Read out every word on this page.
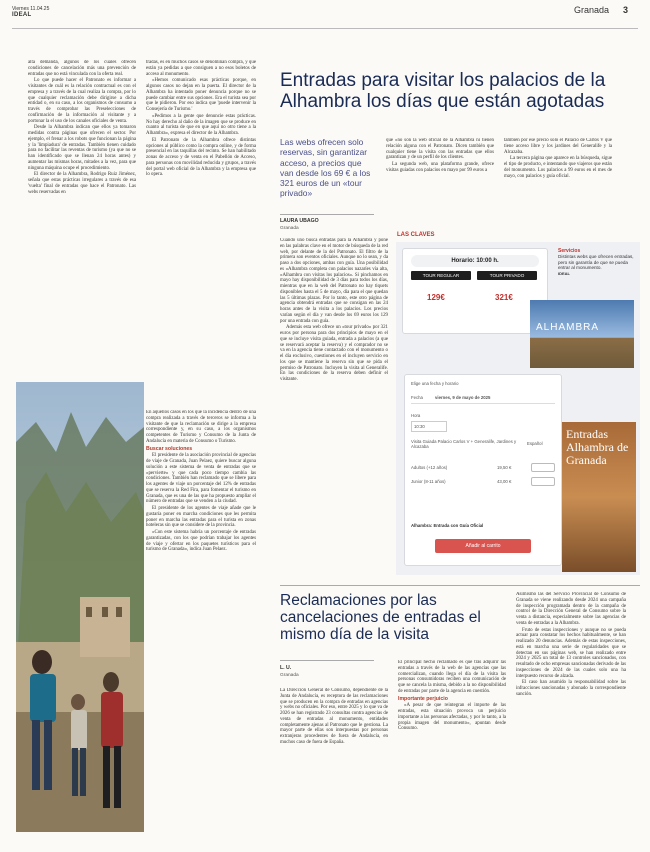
Viernes 11.04.25
IDEAL	Granada 3

alta demanda, algunos de los cuales ofrecen condiciones de cancelación más una prevención de entradas que no está vinculada con la oferta real.

Lo que puede hacer el Patronato es informar a visitantes de cuál es la relación contractual es con el empresa y a través de la cual realiza la compra, por lo que cualquier reclamación debe dirigirse a dicha entidad o, en su caso, a los organismos de consumo a través de comprobar las Preselecciones de confirmación de la información al visitante y a portonar la el uso de los canales oficiales de venta.

Desde la Alhambra indican que ellos ya tomaron medidas contra páginas que ofrecen el sector. Por ejemplo, el frenar a los robots que funcionan la página y la 'limpiadura' de entradas. También tienen cuidado para no facilitar las reventas de turismo (ya que no se han identificado que se llenan 24 horas antes) y aumentar las mismas horas, mitades a la vez, para que ninguna máquina ocupe el procedimiento.

El director de la Alhambra, Rodrigo Ruiz Jiménez, señala que estas prácticas irregulares a través de esa 'vuelta' final de entradas que hace el Patronato. Las webs reservadas en

tradas, es en muchos casos se denominan compra, y que están ya pedidas a que consiguen a no esos boletos de acceso al monumento.

«Hemos comunicado esas prácticas porque, en algunos casos no dejan en la puerta. El director de la Alhambra ha intentado poner denuncia porque no se puede cambiar entre sus opciones. Era el turista sea por que le pidieron. Por eso indica que 'puede intervenir la Consejería de Turismo.'

«Pedimos a la gente que denuncie estas prácticas. No hay derecho al daño de la imagen que se produce en cuanto al turista de que en que aquí no otro tiene a la Alhambra», expresa el director de la Alhambra.

El Patronato de la Alhambra ofrece distintas opciones al público como la compra online, y de forma presencial en las taquillas del recinto. Se han habilitado zonas de acceso y de venta en el Pabellón de Acceso, para personas con movilidad reducida y grupos, a través del portal web oficial de la Alhambra y la empresa que lo opera.

En aquellos casos en los que la incidencia dentro de una compra realizada a través de terceros se informa a la visitante de que la reclamación se dirige a la empresa correspondiente y, en su caso, a los organismos competentes de Turismo y Consumo de la Junta de Andalucía en materia de Consumo o Turismo.

Buscar soluciones

El presidente de la asociación provincial de agencias de viaje de Granada, Juan Pelaez, quiere buscar alguna solución a este sistema de venta de entradas que se «pervierte» y que cada poco tiempo cambia las condiciones. También han reclamado que se libere para los agentes de viaje un porcentaje del 12% de entradas que se reserva la Red Fira, para fomentar el turismo en Granada, que es una de las que ha propuesto ampliar el número de entradas que se venden a la ciudad.

El presidente de los agentes de viaje añade que le gustaría poner en marcha condiciones que les permita poner en marcha las entradas para el turista en zonas hoteleras sin que se considere de la provincia.

«Con este sistema habría un porcentaje de entradas garantizadas, con los que podrían trabajar los agentes de viaje y ofertar en los paquetes turísticos para el turismo de Granada», indica Juan Pelaez.

Entradas para visitar los palacios de la Alhambra los días que están agotadas
Las webs ofrecen solo reservas, sin garantizar acceso, a precios que van desde los 69 € a los 321 euros de un «tour privado»
LAURA UBAGO
Granada

que «no son la web oficial de la Alhambra ni tienen relación alguna con el Patronato. Dicen también que cualquier tiene la visita con las entradas que ellos garantizan y de un perfil de los clientes.

La segunda web, una plataforma grande, ofrece visitas guiadas con palacios en mayo por 99 euros a

también por ese precio solo el Palacio de Carlos V que tiene acceso libre y los jardines del Generalife y la Alcazaba.

La tercera página que aparece en la búsqueda, sigue el tipo de producto, e intentando que viajeros que están del monumento. Los palacios a 99 euros en el mes de mayo, con palacios y guía oficial.

Cuando uno busca entradas para la Alhambra y pone en las palabras clave en el motor de búsqueda de la red web, por delante de la del Patronato. El filtro de la primera son eventos oficiales. Aunque no lo sean, y da paso a dos opciones, ambas con guía. Una posibilidad es «Alhambra completa con palacios nazaríes vía alta, «Alhambra con visitas los palacios». Si pinchamos en mayo hay disponibilidad de 3 días para todos los días, mientras que en la web del Patronato no hay tiquets disponibles hasta el 5 de mayo, día para el que quedan las 5 últimas plazas. Por lo tanto, este otro página de agencia obtendrá entradas que se consigan en las 24 horas antes de la visita a los palacios. Los precios varían según el día y van desde los 69 euros los 129 por una entrada con guía.

Además esta web ofrece un «tour privado» por 321 euros por persona para dos principios de mayo en el que se incluye visita guiada, entrada a palacios (a que se reservará aceptar la reserva) y el comprador no se va en la agencia tiene contactado con el monumento o el día exclusivo, cuestiones en el incluyen servicio en los que se mantiene la reserva sin que se pida el permiso de Patronato. Incluyen la visita al Generalife. En las condiciones de la reserva deben definir el visitante.

LAS CLAVES
Horario: 10:00 h.
TOUR REGULAR	TOUR PRIVADO
129€	321€
Servicios
Distintas webs que ofrecen entradas, pero sin garantía de que se pueda entrar al monumento.
IDEAL
ALHAMBRA
Elige una fecha y horario
Fecha	viernes, 9 de mayo de 2025
Hora
10:30
Visita Guiada Palacio Carlos V + Generalife, Jardines y Alcazaba
Español
Adultos (+12 años)	19,50 €
Junior (8-11 años)	43,00 €
Alhambra: Entrada con Guía Oficial
Añadir al carrito
Entradas
Alhambra de
Granada
Reclamaciones por las cancelaciones de entradas el mismo día de la visita
L. U.
Granada

La Dirección General de Consumo, dependiente de la Junta de Andalucía, es receptora de las reclamaciones que se producen en la compra de entradas en agencias y webs no oficiales. Por eso, entre 2025 y lo que va de 2026 se han registrado 23 consultas contra agencias de venta de entradas al monumento, entidades completamente ajenas al Patronato que le gestiona. La mayor parte de ellas son interpuestas por personas extranjeras procedentes de fuera de Andalucía, en muchos caso de fuera de España.

El principal hecho reclamado es que tras adquirir las entradas a través de la web de las agencias que las comercializan, cuando llega el día de la visita las personas consumidoras reciben una comunicación de que se cancela la misma, debido a la no disponibilidad de entradas por parte de la agencia en cuestión.

Importante perjuicio

«A pesar de que reintegran el importe de las entradas, esta situación provoca un perjuicio importante a las personas afectadas, y por lo tanto, a la propia imagen del monumento», apuntan desde Consumo.

Asimismo las del Servicio Provincial de Consumo de Granada se viene realizando desde 2024 una campaña de inspección programada dentro de la campaña de control de la Dirección General de Consumo sobre la venta a distancia, especialmente sobre las agencias de venta de entradas a la Alhambra.

Fruto de estas inspecciones y aunque no se pueda actuar para constatar los hechos habitualmente, se han realizado 20 denuncias. Además de estas inspecciones, está en marcha una serie de regularidades que se detectan en sus páginas web, se han realizado entre 2024 y 2025 un total de 13 controles sancionados, con resultado de ocho empresas sancionadas derivado de las inspecciones de 2024 de las cuales solo una ha interpuesto recurso de alzada.

El caso han asumido la responsabilidad sobre las infracciones sancionadas y abonado la correspondiente sanción.
